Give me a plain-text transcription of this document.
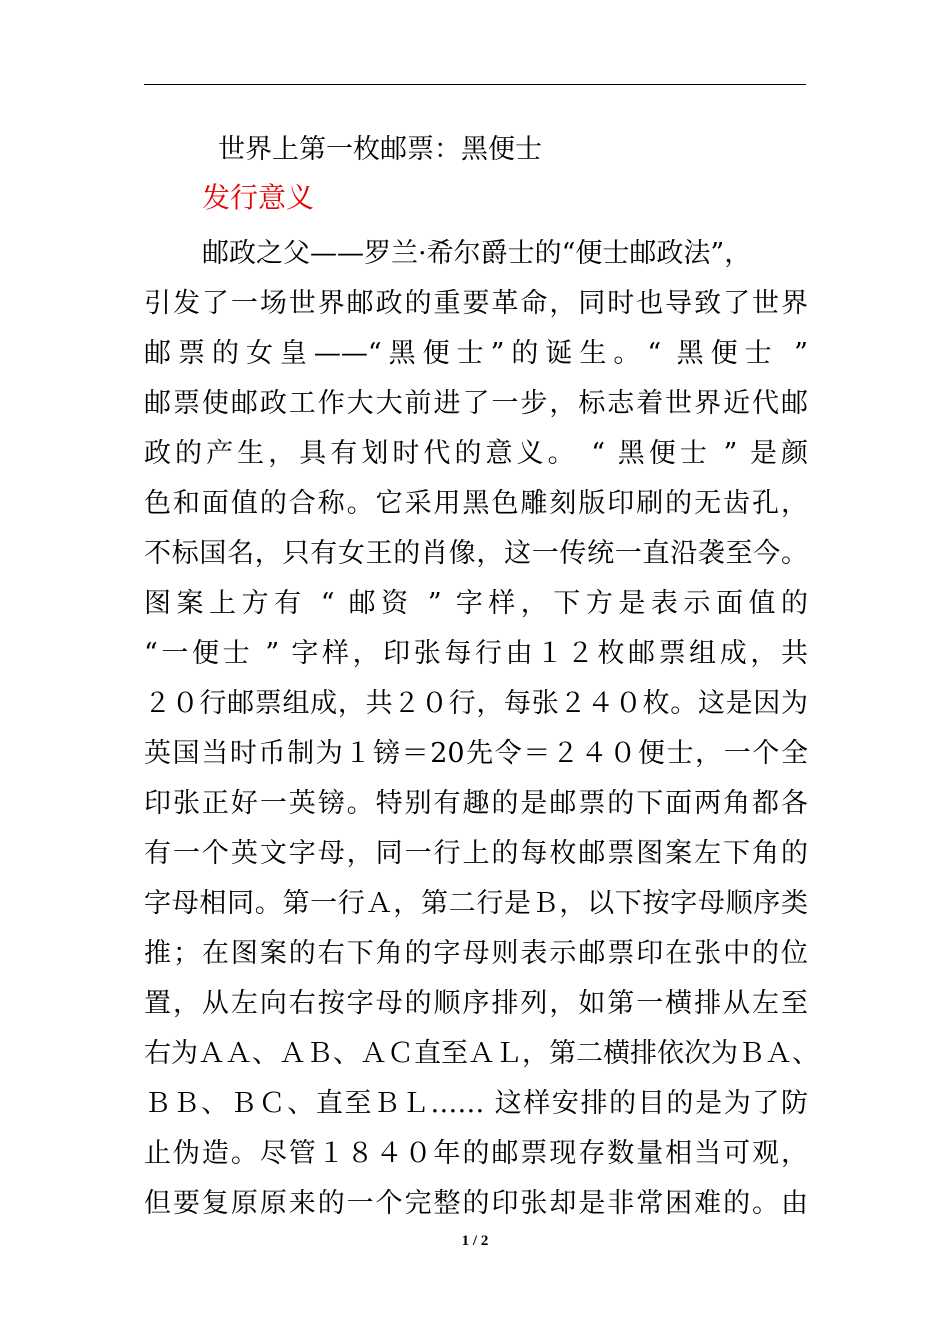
世界上第一枚邮票：黑便士
发行意义
邮政之父——罗兰·希尔爵士的“便士邮政法”，
引发了一场世界邮政的重要革命，同时也导致了世界
邮票的女皇——“黑便士”的诞生。“ 黑便士 ”
邮票使邮政工作大大前进了一步，标志着世界近代邮
政的产生，具有划时代的意义。 “ 黑便士 ” 是颜
色和面值的合称。它采用黑色雕刻版印刷的无齿孔，
不标国名，只有女王的肖像，这一传统一直沿袭至今。
图案上方有 “ 邮资 ” 字样，下方是表示面值的
“一便士 ” 字样，印张每行由１２枚邮票组成，共
２０行邮票组成，共２０行，每张２４０枚。这是因为
英国当时币制为１镑＝20先令＝２４０便士，一个全
印张正好一英镑。特别有趣的是邮票的下面两角都各
有一个英文字母，同一行上的每枚邮票图案左下角的
字母相同。第一行Ａ，第二行是Ｂ，以下按字母顺序类
推；在图案的右下角的字母则表示邮票印在张中的位
置，从左向右按字母的顺序排列，如第一横排从左至
右为ＡＡ、ＡＢ、ＡＣ直至ＡＬ，第二横排依次为ＢＡ、
ＢＢ、ＢＣ、直至ＢＬ…… 这样安排的目的是为了防
止伪造。尽管１８４０年的邮票现存数量相当可观，
但要复原原来的一个完整的印张却是非常困难的。由
1 / 2
